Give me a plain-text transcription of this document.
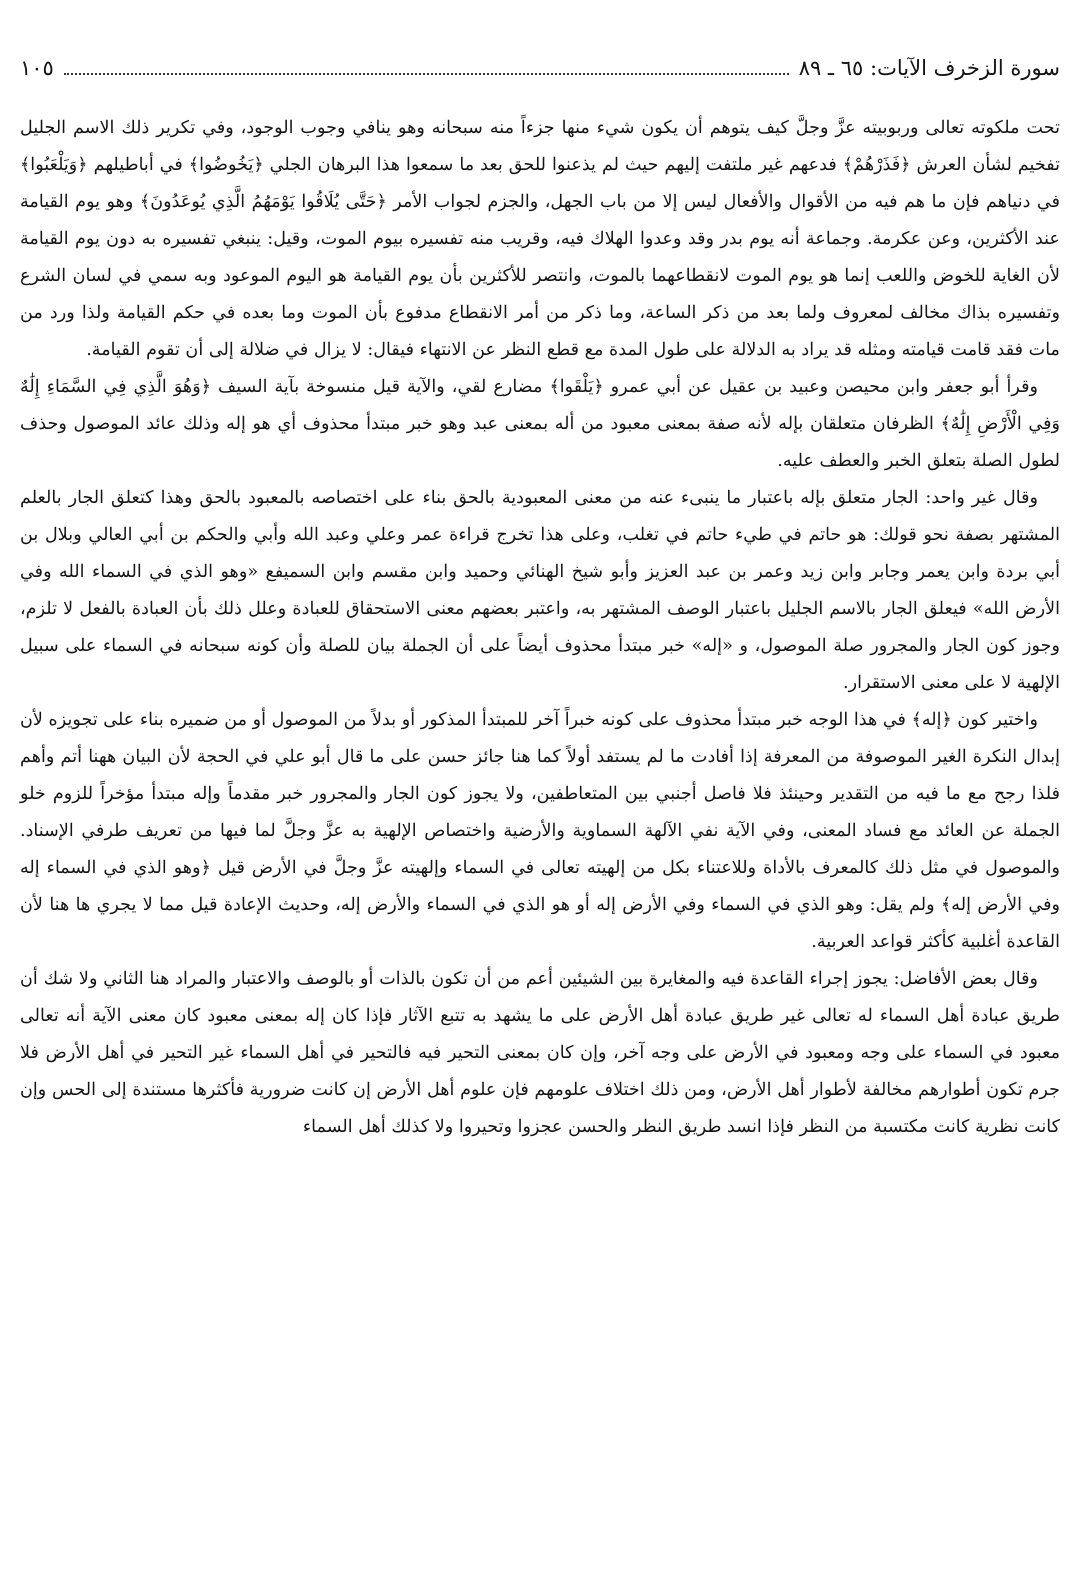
سورة الزخرف الآيات: ٦٥ ـ ٨٩
١٠٥

تحت ملكوته تعالى وربوبيته عزَّ وجلَّ كيف يتوهم أن يكون شيء منها جزءاً منه سبحانه وهو ينافي وجوب الوجود، وفي تكرير ذلك الاسم الجليل تفخيم لشأن العرش ﴿فَذَرْهُمْ﴾ فدعهم غير ملتفت إليهم حيث لم يذعنوا للحق بعد ما سمعوا هذا البرهان الجلي ﴿يَخُوضُوا﴾ في أباطيلهم ﴿وَيَلْعَبُوا﴾ في دنياهم فإن ما هم فيه من الأقوال والأفعال ليس إلا من باب الجهل، والجزم لجواب الأمر ﴿حَتَّى يُلَاقُوا يَوْمَهُمُ الَّذِي يُوعَدُونَ﴾ وهو يوم القيامة عند الأكثرين، وعن عكرمة. وجماعة أنه يوم بدر وقد وعدوا الهلاك فيه، وقريب منه تفسيره بيوم الموت، وقيل: ينبغي تفسيره به دون يوم القيامة لأن الغاية للخوض واللعب إنما هو يوم الموت لانقطاعهما بالموت، وانتصر للأكثرين بأن يوم القيامة هو اليوم الموعود وبه سمي في لسان الشرع وتفسيره بذاك مخالف لمعروف ولما بعد من ذكر الساعة، وما ذكر من أمر الانقطاع مدفوع بأن الموت وما بعده في حكم القيامة ولذا ورد من مات فقد قامت قيامته ومثله قد يراد به الدلالة على طول المدة مع قطع النظر عن الانتهاء فيقال: لا يزال في ضلالة إلى أن تقوم القيامة.

وقرأ أبو جعفر وابن محيصن وعبيد بن عقيل عن أبي عمرو ﴿يَلْقَوا﴾ مضارع لقي، والآية قيل منسوخة بآية السيف ﴿وَهُوَ الَّذِي فِي السَّمَاءِ إِلَٰهٌ وَفِي الْأَرْضِ إِلَٰهٌ﴾ الظرفان متعلقان بإله لأنه صفة بمعنى معبود من أله بمعنى عبد وهو خبر مبتدأ محذوف أي هو إله وذلك عائد الموصول وحذف لطول الصلة بتعلق الخبر والعطف عليه.

وقال غير واحد: الجار متعلق بإله باعتبار ما ينبىء عنه من معنى المعبودية بالحق بناء على اختصاصه بالمعبود بالحق وهذا كتعلق الجار بالعلم المشتهر بصفة نحو قولك: هو حاتم في طيء حاتم في تغلب، وعلى هذا تخرج قراءة عمر وعلي وعبد الله وأبي والحكم بن أبي العالي وبلال بن أبي بردة وابن يعمر وجابر وابن زيد وعمر بن عبد العزيز وأبو شيخ الهنائي وحميد وابن مقسم وابن السميفع «وهو الذي في السماء الله وفي الأرض الله» فيعلق الجار بالاسم الجليل باعتبار الوصف المشتهر به، واعتبر بعضهم معنى الاستحقاق للعبادة وعلل ذلك بأن العبادة بالفعل لا تلزم، وجوز كون الجار والمجرور صلة الموصول، و «إله» خبر مبتدأ محذوف أيضاً على أن الجملة بيان للصلة وأن كونه سبحانه في السماء على سبيل الإلهية لا على معنى الاستقرار.

واختير كون ﴿إله﴾ في هذا الوجه خبر مبتدأ محذوف على كونه خبراً آخر للمبتدأ المذكور أو بدلاً من الموصول أو من ضميره بناء على تجويزه لأن إبدال النكرة الغير الموصوفة من المعرفة إذا أفادت ما لم يستفد أولاً كما هنا جائز حسن على ما قال أبو علي في الحجة لأن البيان ههنا أتم وأهم فلذا رجح مع ما فيه من التقدير وحينئذ فلا فاصل أجنبي بين المتعاطفين، ولا يجوز كون الجار والمجرور خبر مقدماً وإله مبتدأ مؤخراً للزوم خلو الجملة عن العائد مع فساد المعنى، وفي الآية نفي الآلهة السماوية والأرضية واختصاص الإلهية به عزَّ وجلَّ لما فيها من تعريف طرفي الإسناد. والموصول في مثل ذلك كالمعرف بالأداة وللاعتناء بكل من إلهيته تعالى في السماء وإلهيته عزَّ وجلَّ في الأرض قيل ﴿وهو الذي في السماء إله وفي الأرض إله﴾ ولم يقل: وهو الذي في السماء وفي الأرض إله أو هو الذي في السماء والأرض إله، وحديث الإعادة قيل مما لا يجري ها هنا لأن القاعدة أغلبية كأكثر قواعد العربية.

وقال بعض الأفاضل: يجوز إجراء القاعدة فيه والمغايرة بين الشيئين أعم من أن تكون بالذات أو بالوصف والاعتبار والمراد هنا الثاني ولا شك أن طريق عبادة أهل السماء له تعالى غير طريق عبادة أهل الأرض على ما يشهد به تتبع الآثار فإذا كان إله بمعنى معبود كان معنى الآية أنه تعالى معبود في السماء على وجه ومعبود في الأرض على وجه آخر، وإن كان بمعنى التحير فيه فالتحير في أهل السماء غير التحير في أهل الأرض فلا جرم تكون أطوارهم مخالفة لأطوار أهل الأرض، ومن ذلك اختلاف علومهم فإن علوم أهل الأرض إن كانت ضرورية فأكثرها مستندة إلى الحس وإن كانت نظرية كانت مكتسبة من النظر فإذا انسد طريق النظر والحسن عجزوا وتحيروا ولا كذلك أهل السماء
